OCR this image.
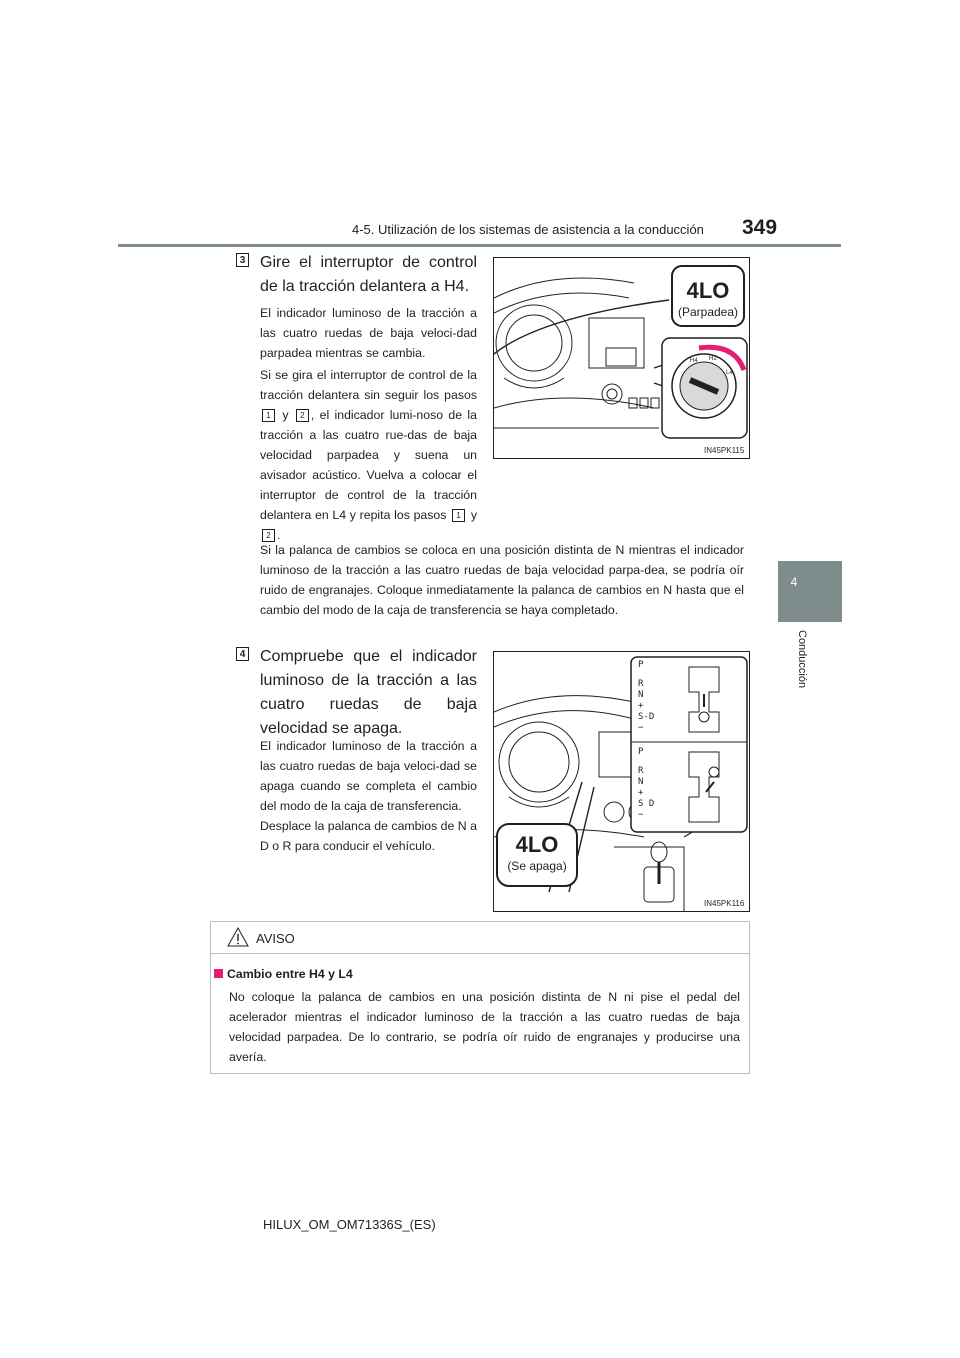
4-5. Utilización de los sistemas de asistencia a la conducción 349
4
Conducción
3 Gire el interruptor de control de la tracción delantera a H4.

El indicador luminoso de la tracción a las cuatro ruedas de baja veloci-dad parpadea mientras se cambia.

Si se gira el interruptor de control de la tracción delantera sin seguir los pasos 1 y 2 , el indicador lumi-noso de la tracción a las cuatro rue-das de baja velocidad parpadea y suena un avisador acústico. Vuelva a colocar el interruptor de control de la tracción delantera en L4 y repita los pasos 1 y 2 .

Si la palanca de cambios se coloca en una posición distinta de N mientras el indicador luminoso de la tracción a las cuatro ruedas de baja velocidad parpa-dea, se podría oír ruido de engranajes. Coloque inmediatamente la palanca de cambios en N hasta que el cambio del modo de la caja de transferencia se haya completado.
H4 H2
L4
4LO
(Parpadea)
IN45PK115
4 Compruebe que el indicador luminoso de la tracción a las cuatro ruedas de baja velocidad se apaga.

El indicador luminoso de la tracción a las cuatro ruedas de baja veloci-dad se apaga cuando se completa el cambio del modo de la caja de transferencia.

Desplace la palanca de cambios de N a D o R para conducir el vehículo.

P
R
N
+
S-D
−
P
R
N
+
S D
−
4LO
(Se apaga)
IN45PK116
AVISO
Cambio entre H4 y L4
No coloque la palanca de cambios en una posición distinta de N ni pise el pedal del acelerador mientras el indicador luminoso de la tracción a las cuatro ruedas de baja velocidad parpadea. De lo contrario, se podría oír ruido de engranajes y producirse una avería.
HILUX_OM_OM71336S_(ES)
